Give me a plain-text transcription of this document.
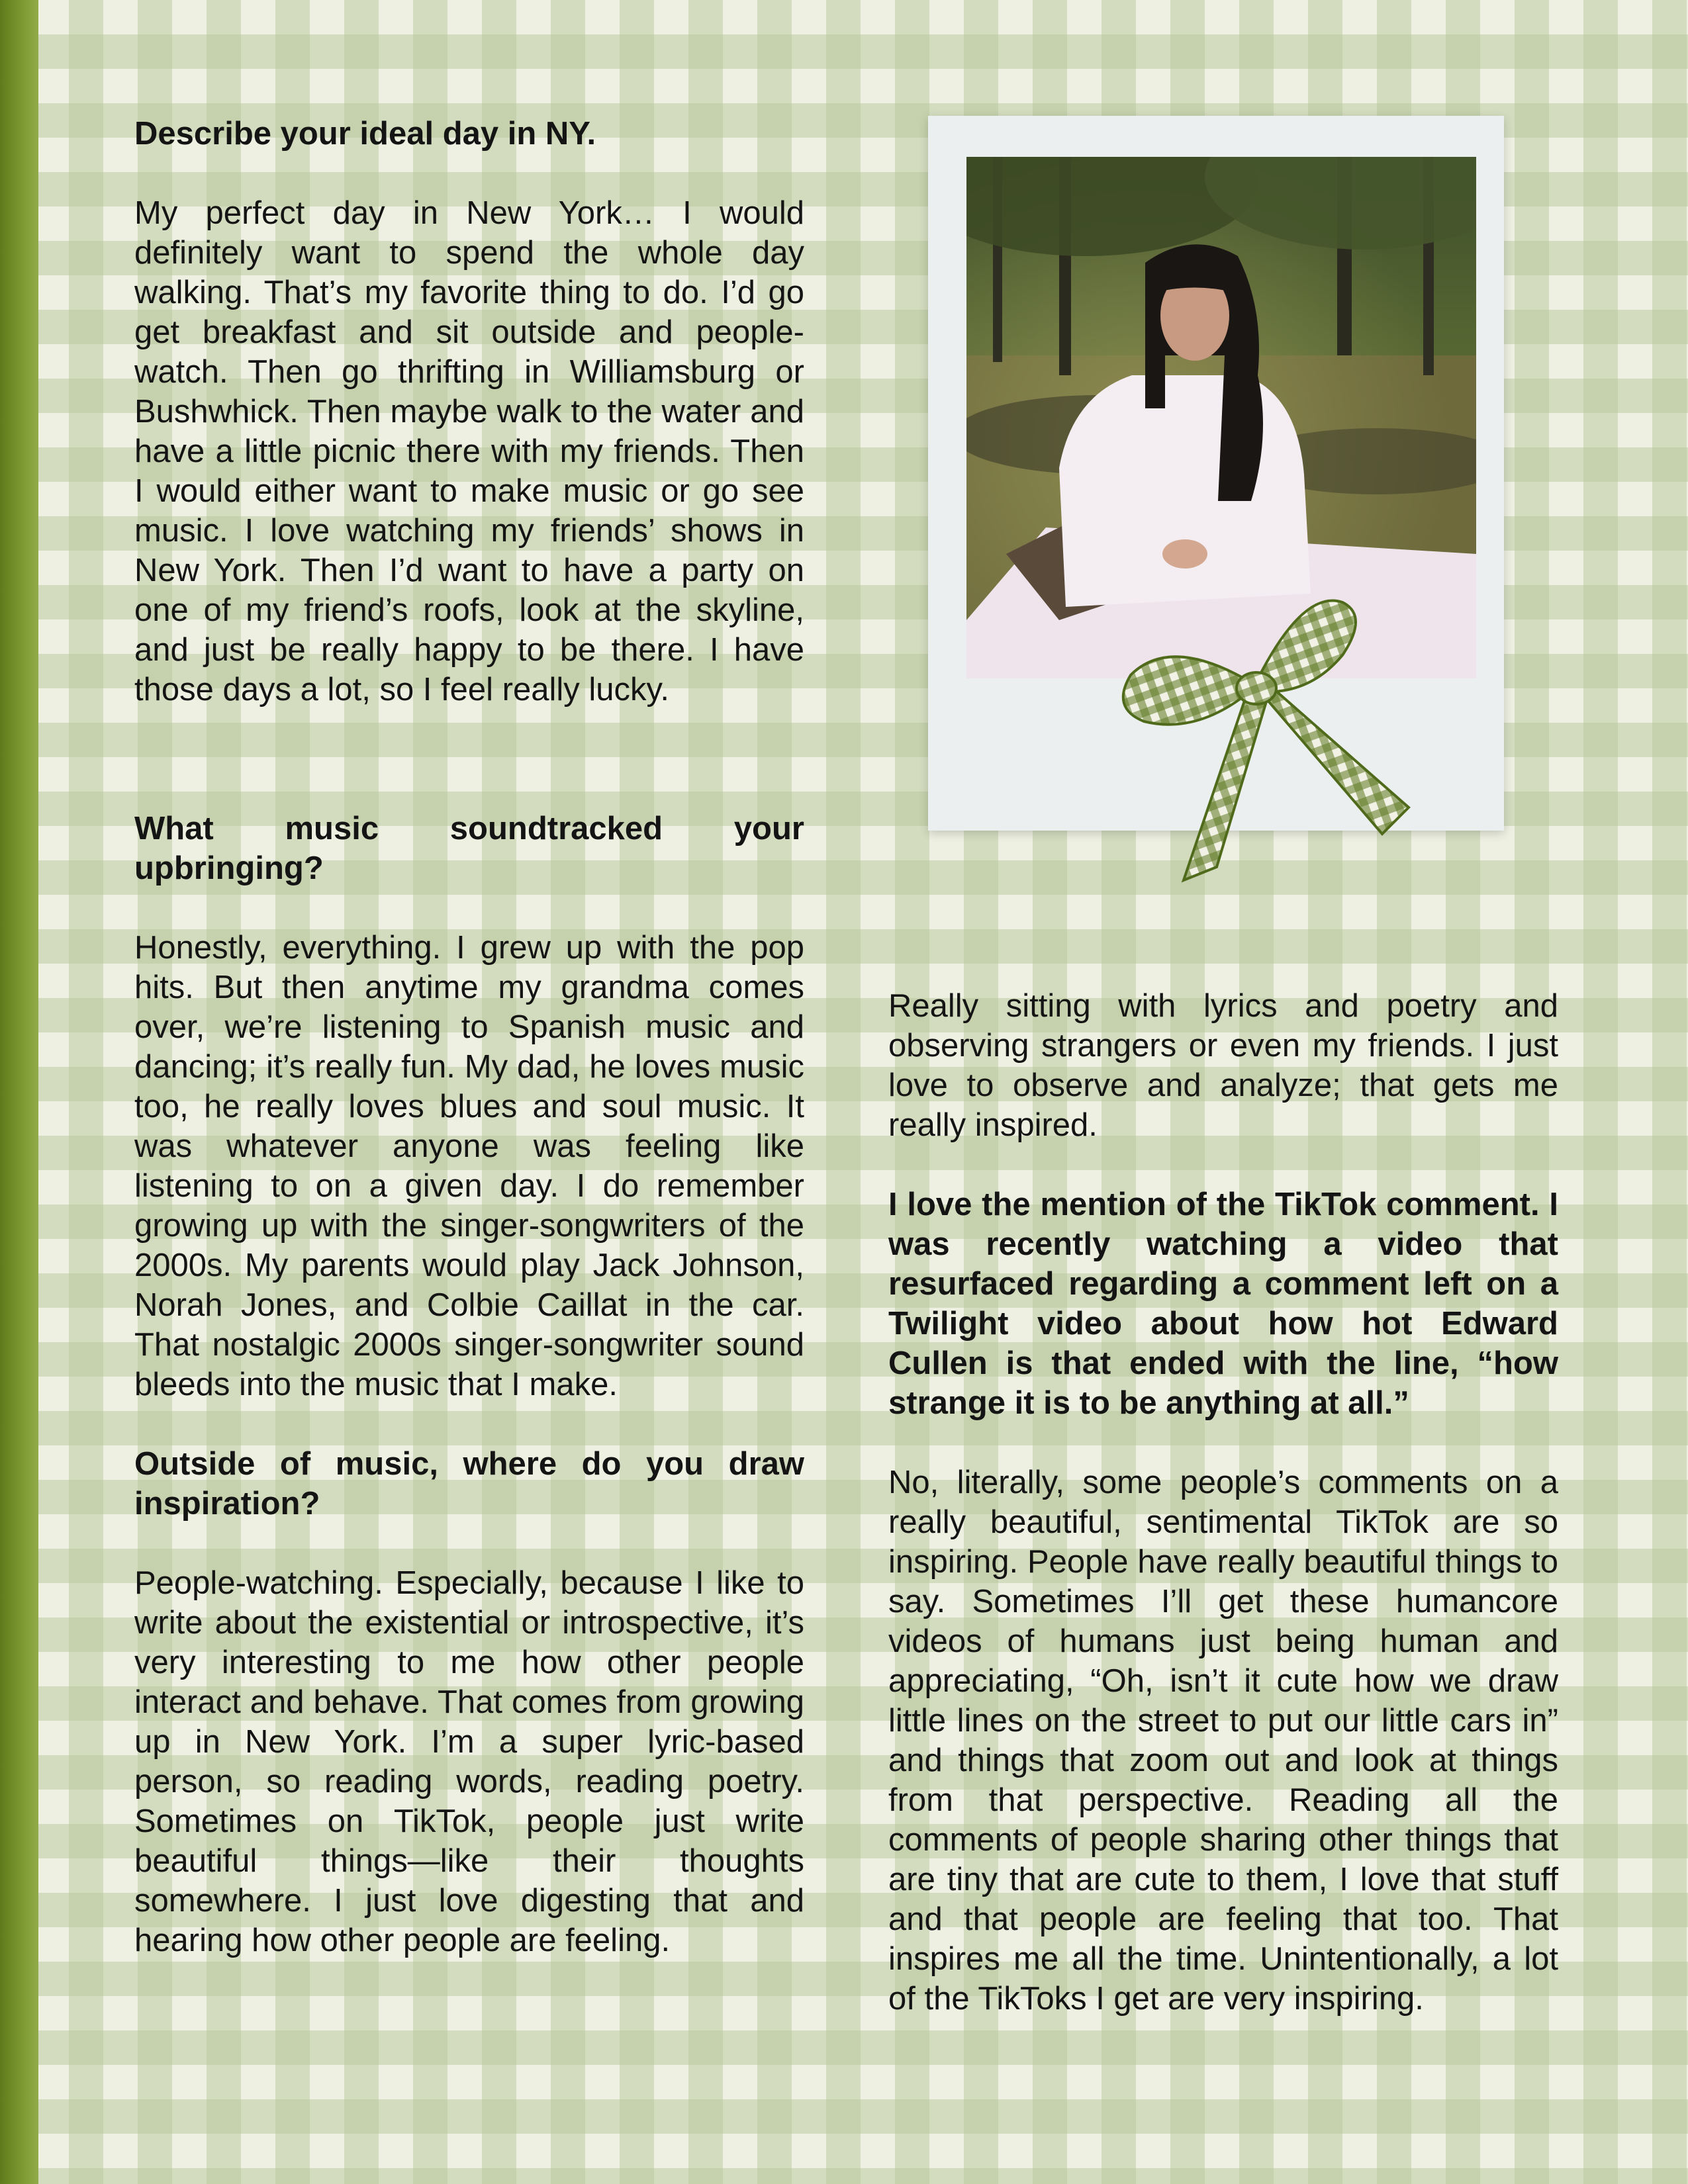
Describe your ideal day in NY.

My perfect day in New York… I would definitely want to spend the whole day walking. That’s my favorite thing to do. I’d go get breakfast and sit outside and people-watch. Then go thrifting in Williamsburg or Bushwhick. Then maybe walk to the water and have a little picnic there with my friends. Then I would either want to make music or go see music. I love watching my friends’ shows in New York. Then I’d want to have a party on one of my friend’s roofs, look at the skyline, and just be really happy to be there. I have those days a lot, so I feel really lucky.

What music soundtracked your upbringing?

Honestly, everything. I grew up with the pop hits. But then anytime my grandma comes over, we’re listening to Spanish music and dancing; it’s really fun. My dad, he loves music too, he really loves blues and soul music. It was whatever anyone was feeling like listening to on a given day. I do remember growing up with the singer-songwriters of the 2000s. My parents would play Jack Johnson, Norah Jones, and Colbie Caillat in the car. That nostalgic 2000s singer-songwriter sound bleeds into the music that I make.

Outside of music, where do you draw inspiration?

People-watching. Especially, because I like to write about the existential or introspective, it’s very interesting to me how other people interact and behave. That comes from growing up in New York. I’m a super lyric-based person, so reading words, reading poetry. Sometimes on TikTok, people just write beautiful things—like their thoughts somewhere. I just love digesting that and hearing how other people are feeling.

Really sitting with lyrics and poetry and observing strangers or even my friends. I just love to observe and analyze; that gets me really inspired.

I love the mention of the TikTok comment. I was recently watching a video that resurfaced regarding a comment left on a Twilight video about how hot Edward Cullen is that ended with the line, “how strange it is to be anything at all.”

No, literally, some people’s comments on a really beautiful, sentimental TikTok are so inspiring. People have really beautiful things to say. Sometimes I’ll get these humancore videos of humans just being human and appreciating, “Oh, isn’t it cute how we draw little lines on the street to put our little cars in” and things that zoom out and look at things from that perspective. Reading all the comments of people sharing other things that are tiny that are cute to them, I love that stuff and that people are feeling that too. That inspires me all the time. Unintentionally, a lot of the TikToks I get are very inspiring.
